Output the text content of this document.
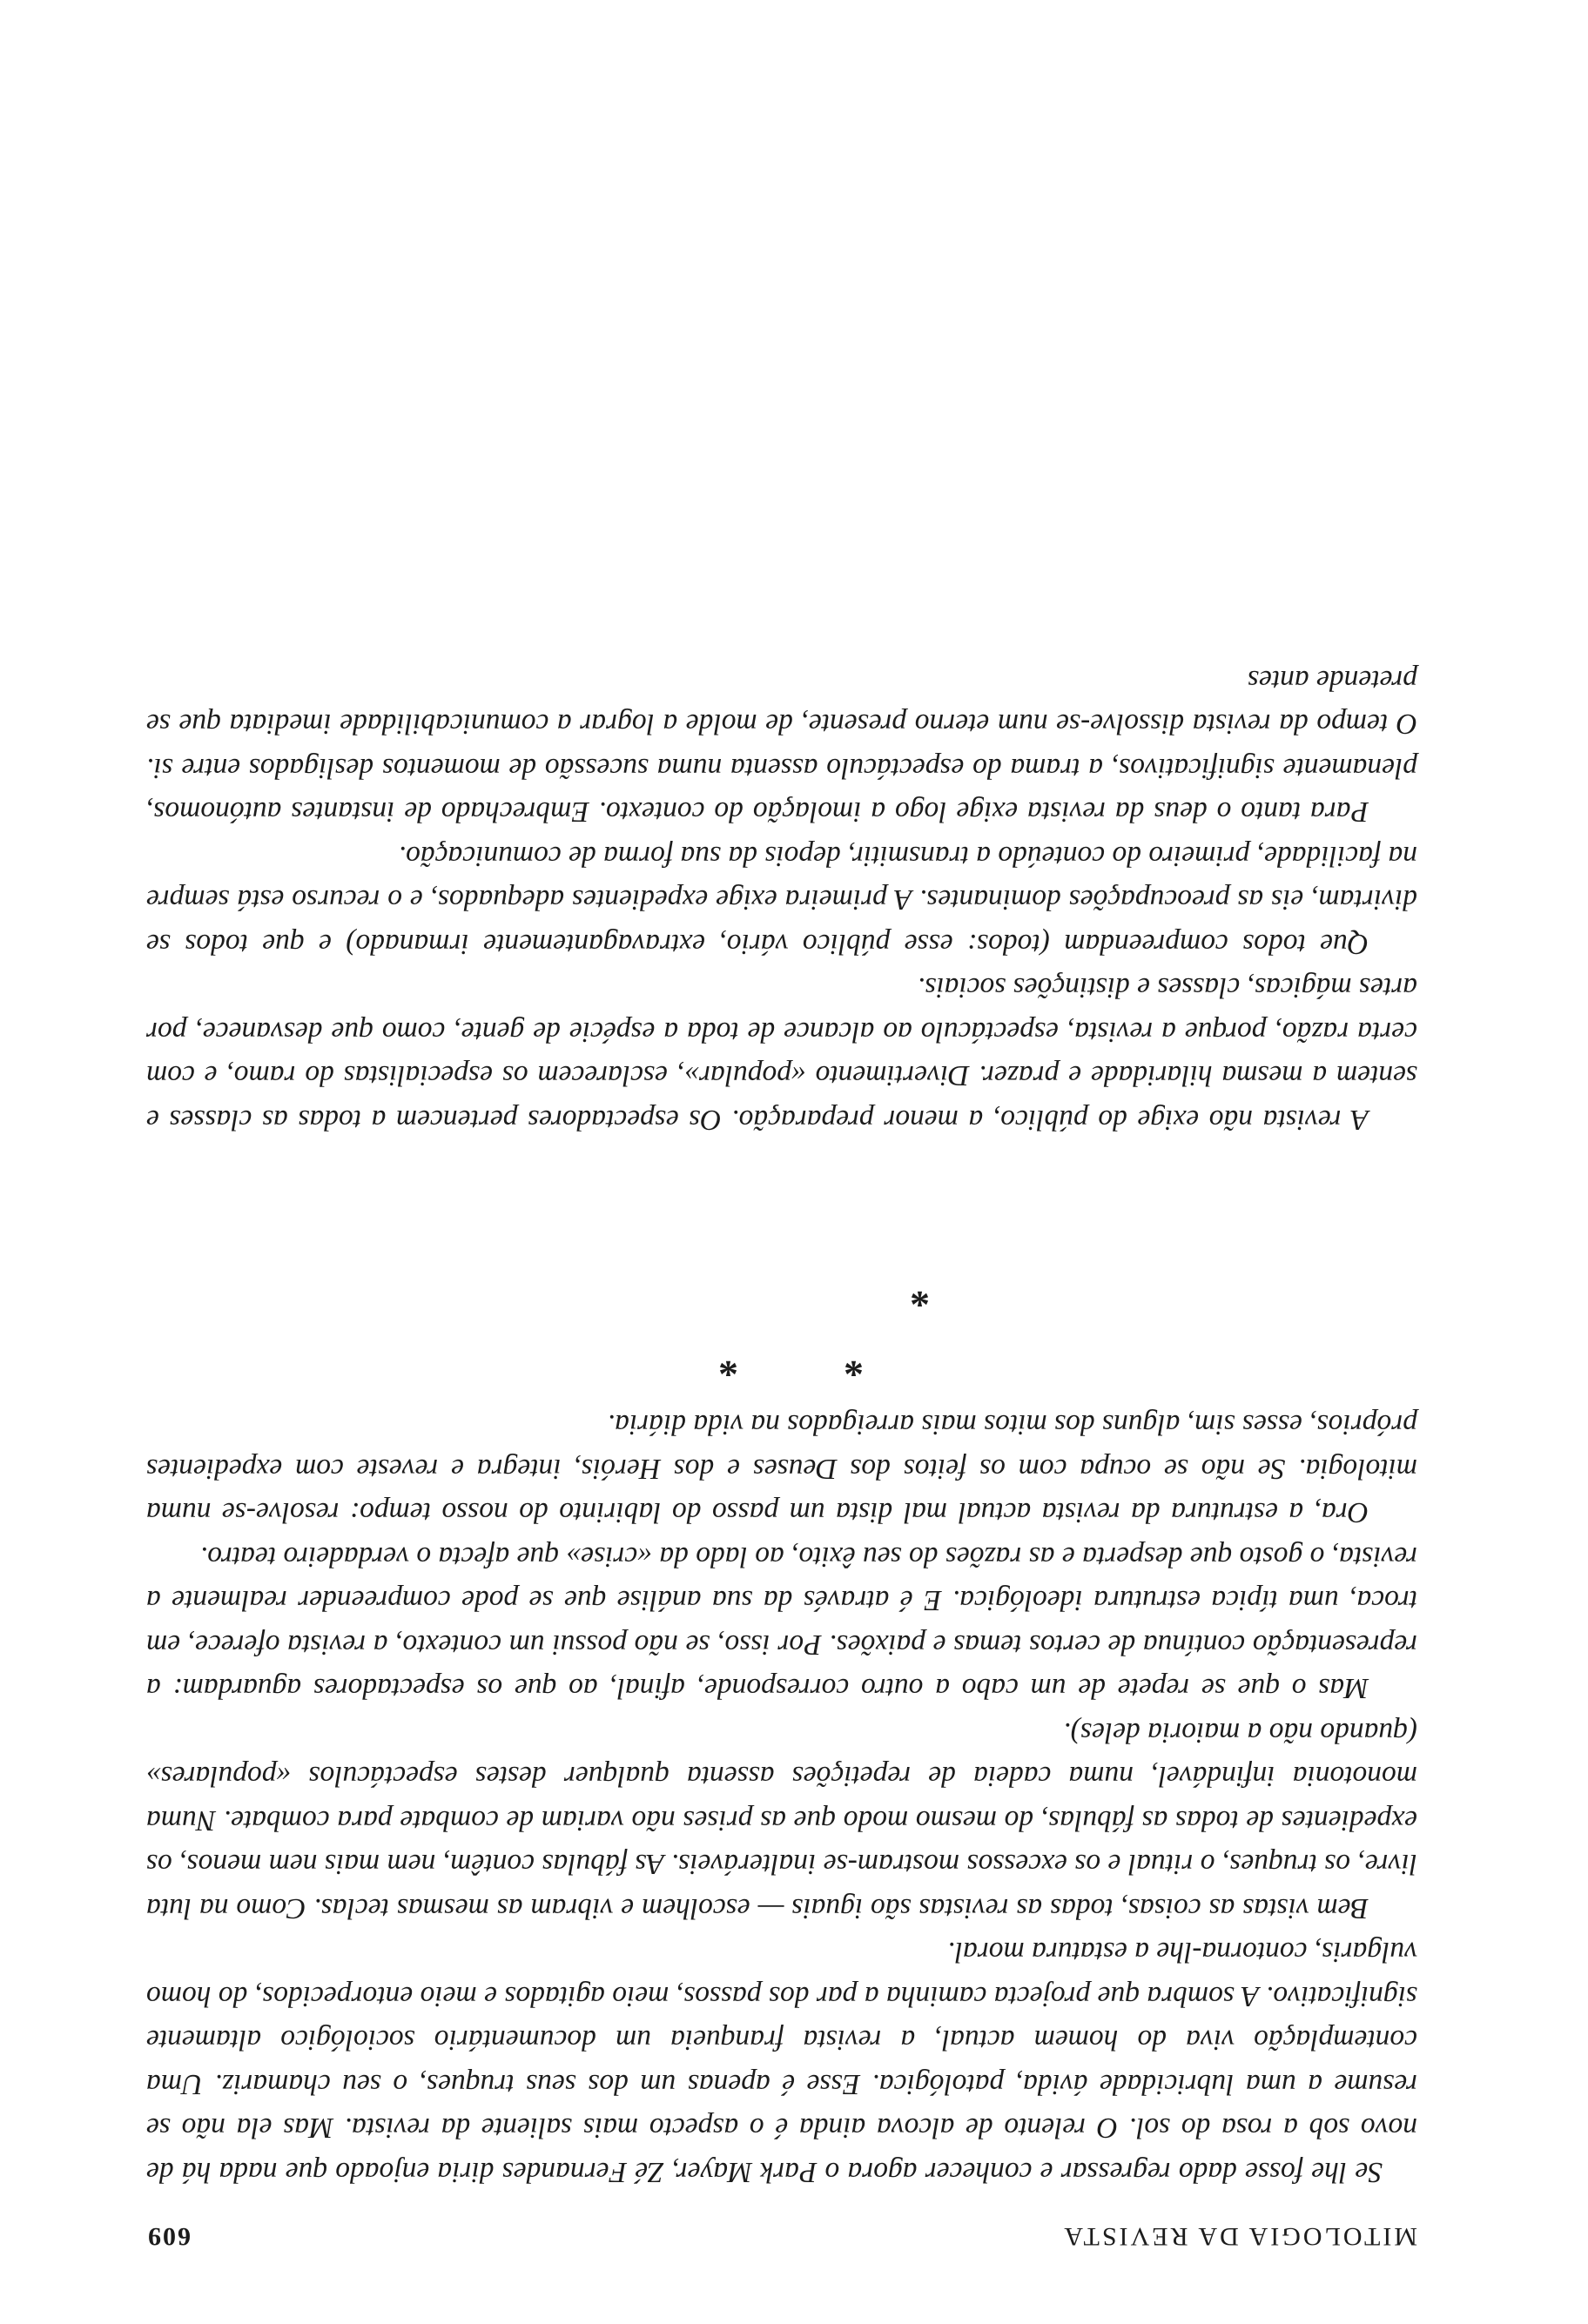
MITOLOGIA DA REVISTA
609

Se lhe fosse dado regressar e conhecer agora o Park Mayer, Zé Fernandes diria enjoado que nada há de novo sob a rosa do sol. O relento de alcova ainda é o aspecto mais saliente da revista. Mas ela não se resume a uma lubricidade ávida, patológica. Esse é apenas um dos seus truques, o seu chamariz. Uma contemplação viva do homem actual, a revista franqueia um documentário sociológico altamente significativo. A sombra que projecta caminha a par dos passos, meio agitados e meio entorpecidos, do homo vulgaris, contorna-lhe a estatura moral.

Bem vistas as coisas, todas as revistas são iguais — escolhem e vibram as mesmas teclas. Como na luta livre, os truques, o ritual e os excessos mostram-se inalteráveis. As fábulas contêm, nem mais nem menos, os expedientes de todas as fábulas, do mesmo modo que as prises não variam de combate para combate. Numa monotonia infindável, numa cadeia de repetições assenta qualquer destes espectáculos «populares» (quando não a maioria deles).

Mas o que se repete de um cabo a outro corresponde, afinal, ao que os espectadores aguardam: a representação contínua de certos temas e paixões. Por isso, se não possui um contexto, a revista oferece, em troca, uma típica estrutura ideológica. E é através da sua análise que se pode compreender realmente a revista, o gosto que desperta e as razões do seu êxito, ao lado da «crise» que afecta o verdadeiro teatro.

Ora, a estrutura da revista actual mal dista um passo do labirinto do nosso tempo: resolve-se numa mitologia. Se não se ocupa com os feitos dos Deuses e dos Heróis, integra e reveste com expedientes próprios, esses sim, alguns dos mitos mais arreigados na vida diária.

*
*	*

A revista não exige do público, a menor preparação. Os espectadores pertencem a todas as classes e sentem a mesma hilaridade e prazer. Divertimento «popular», esclarecem os especialistas do ramo, e com certa razão, porque a revista, espectáculo ao alcance de toda a espécie de gente, como que desvanece, por artes mágicas, classes e distinções sociais.

Que todos compreendam (todos: esse público vário, extravagantemente irmanado) e que todos se divirtam, eis as preocupações dominantes. A primeira exige expedientes adequados, e o recurso está sempre na facilidade, primeiro do conteúdo a transmitir, depois da sua forma de comunicação.

Para tanto o deus da revista exige logo a imolação do contexto. Embrechado de instantes autónomos, plenamente significativos, a trama do espectáculo assenta numa sucessão de momentos desligados entre si. O tempo da revista dissolve-se num eterno presente, de molde a lograr a comunicabilidade imediata que se pretende antes
